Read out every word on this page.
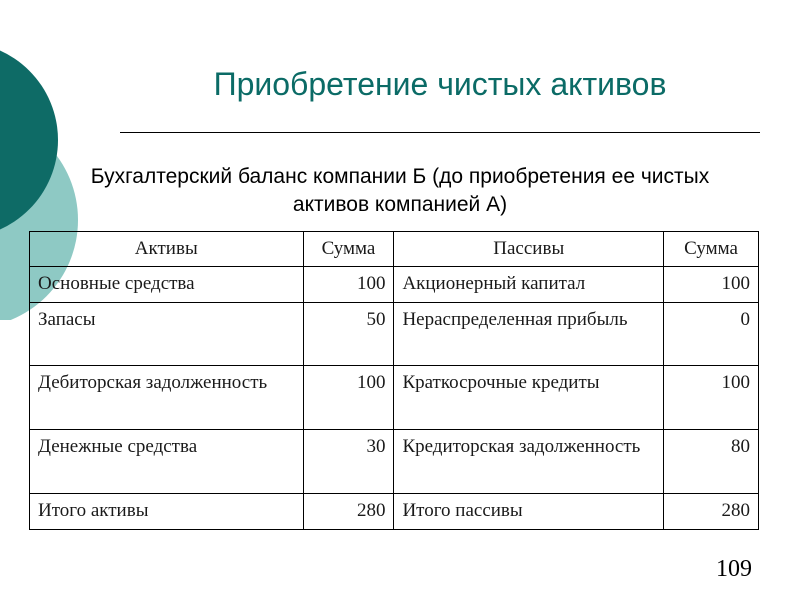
Приобретение чистых активов
Бухгалтерский баланс компании Б (до приобретения ее чистых
активов компанией А)
Активы	Сумма	Пассивы	Сумма
Основные средства	100	Акционерный капитал	100
Запасы	50	Нераспределенная прибыль	0
Дебиторская задолженность	100	Краткосрочные кредиты	100
Денежные средства	30	Кредиторская задолженность	80
Итого активы	280	Итого пассивы	280
109
